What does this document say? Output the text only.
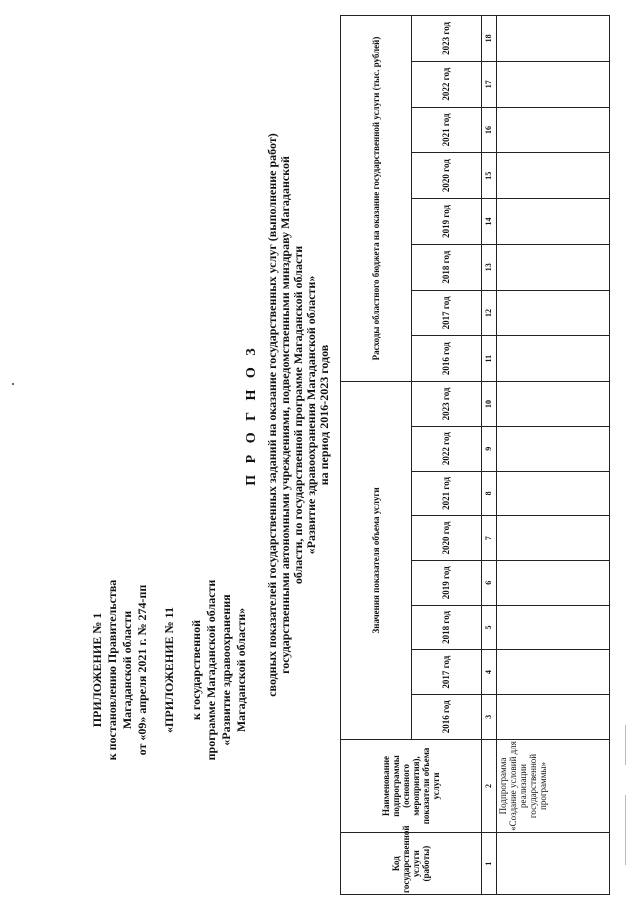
ПРИЛОЖЕНИЕ № 1 к постановлению Правительства Магаданской области от «09» апреля 2021 г. № 274-пп «ПРИЛОЖЕНИЕ № 11 к государственной программе Магаданской области «Развитие здравоохранения Магаданской области»
П Р О Г Н О З сводных показателей государственных заданий на оказание государственных услуг (выполнение работ) государственными автономными учреждениями, подведомственными минздраву Магаданской области, по государственной программе Магаданской области «Развитие здравоохранения Магаданской области» на период 2016-2023 годов
Код государственной услуги (работы)	Наименование подпрограммы (основного мероприятия), показатели объема услуги	Значения показателя объема услуги								Расходы областного бюджета на оказание государственной услуги (тыс. рублей)							
		2016 год	2017 год	2018 год	2019 год	2020 год	2021 год	2022 год	2023 год	2016 год	2017 год	2018 год	2019 год	2020 год	2021 год	2022 год	2023 год
1	2	3	4	5	6	7	8	9	10	11	12	13	14	15	16	17	18
	Подпрограмма «Создание условий для реализации государственной программы»																
